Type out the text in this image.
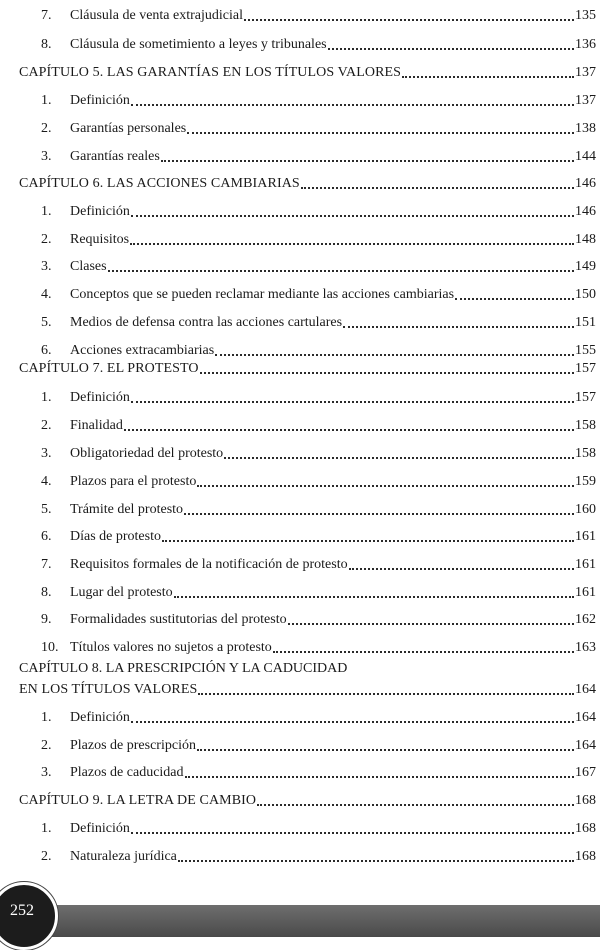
7.	Cláusula de venta extrajudicial	135
8.	Cláusula de sometimiento a leyes y tribunales	136
CAPÍTULO 5. LAS GARANTÍAS EN LOS TÍTULOS VALORES	137
1.	Definición	137
2.	Garantías personales	138
3.	Garantías reales	144
CAPÍTULO 6. LAS ACCIONES CAMBIARIAS	146
1.	Definición	146
2.	Requisitos	148
3.	Clases	149
4.	Conceptos que se pueden reclamar mediante las acciones cambiarias	150
5.	Medios de defensa contra las acciones cartulares	151
6.	Acciones extracambiarias	155
CAPÍTULO 7. EL PROTESTO	157
1.	Definición	157
2.	Finalidad	158
3.	Obligatoriedad del protesto	158
4.	Plazos para el protesto	159
5.	Trámite del protesto	160
6.	Días de protesto	161
7.	Requisitos formales de la notificación de protesto	161
8.	Lugar del protesto	161
9.	Formalidades sustitutorias del protesto	162
10. Títulos valores no sujetos a protesto	163
CAPÍTULO 8. LA PRESCRIPCIÓN Y LA CADUCIDAD
EN LOS TÍTULOS VALORES	164
1.	Definición	164
2.	Plazos de prescripción	164
3.	Plazos de caducidad	167
CAPÍTULO 9. LA LETRA DE CAMBIO	168
1.	Definición	168
2.	Naturaleza jurídica	168
252
